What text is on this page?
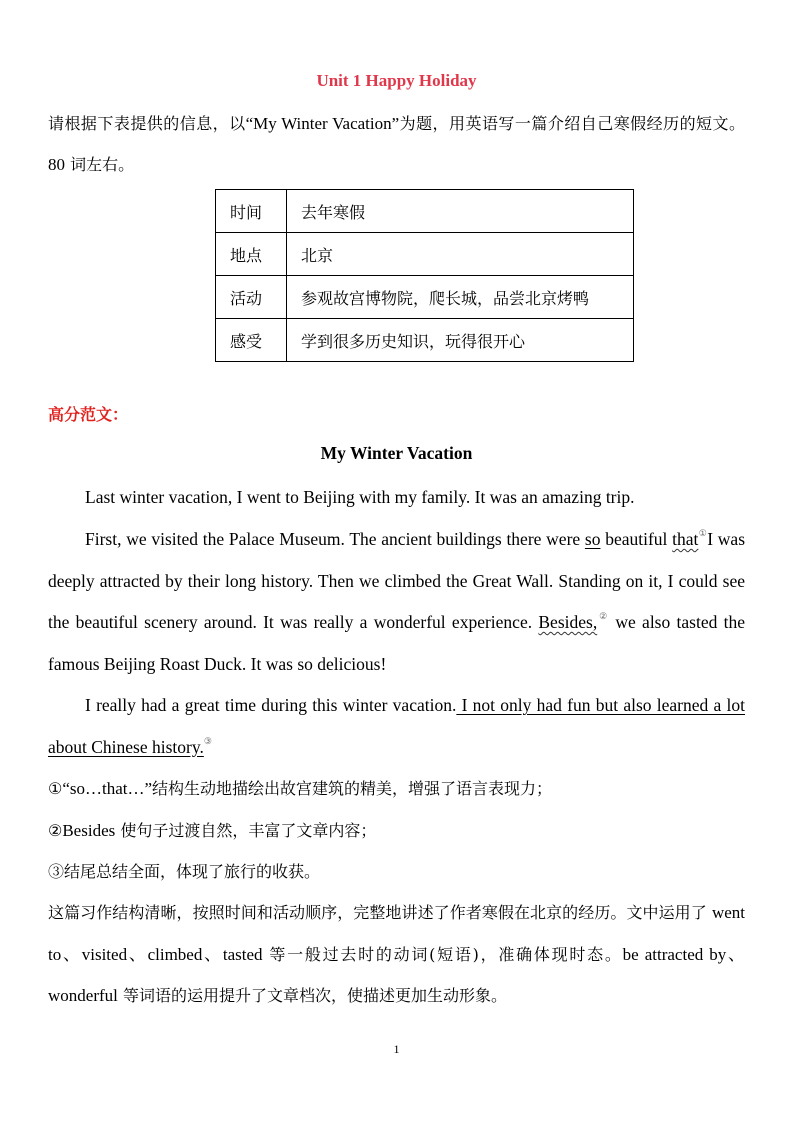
Unit 1 Happy Holiday
请根据下表提供的信息，以“My Winter Vacation”为题，用英语写一篇介绍自己寒假经历的短文。80 词左右。
时间	去年寒假
地点	北京
活动	参观故宫博物院，爬长城，品尝北京烤鸭
感受	学到很多历史知识，玩得很开心
高分范文：
My Winter Vacation
Last winter vacation, I went to Beijing with my family. It was an amazing trip.
First, we visited the Palace Museum. The ancient buildings there were so beautiful that①I was deeply attracted by their long history. Then we climbed the Great Wall. Standing on it, I could see the beautiful scenery around. It was really a wonderful experience. Besides,② we also tasted the famous Beijing Roast Duck. It was so delicious!
I really had a great time during this winter vacation. I not only had fun but also learned a lot about Chinese history.③
①“so…that…”结构生动地描绘出故宫建筑的精美，增强了语言表现力；
②Besides 使句子过渡自然，丰富了文章内容；
③结尾总结全面，体现了旅行的收获。
这篇习作结构清晰，按照时间和活动顺序，完整地讲述了作者寒假在北京的经历。文中运用了 went to、visited、climbed、tasted 等一般过去时的动词(短语)，准确体现时态。be attracted by、wonderful 等词语的运用提升了文章档次，使描述更加生动形象。
1
